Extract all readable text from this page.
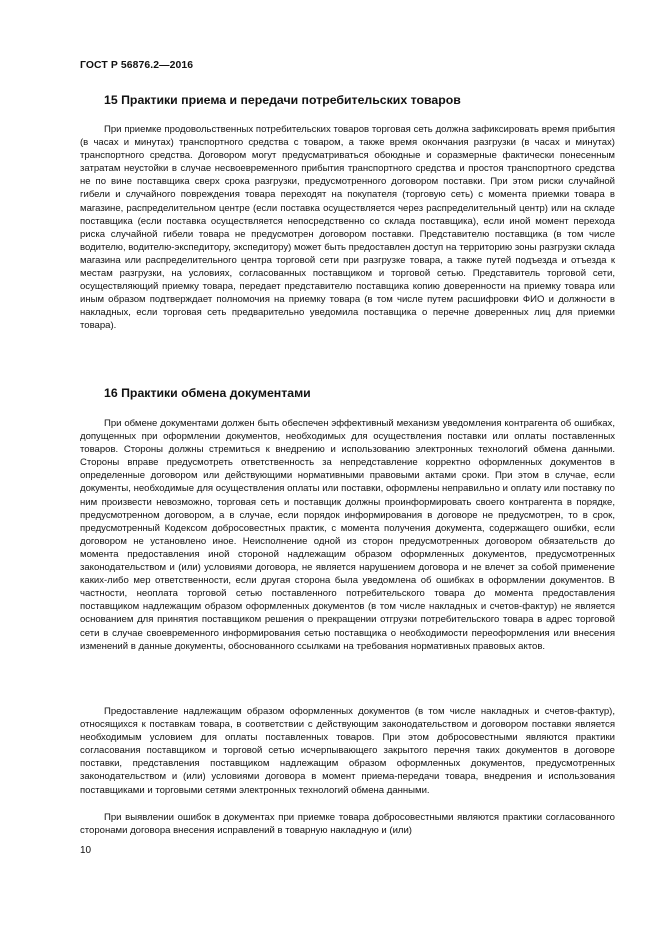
ГОСТ Р 56876.2—2016
15 Практики приема и передачи потребительских товаров

При приемке продовольственных потребительских товаров торговая сеть должна зафиксировать время прибытия (в часах и минутах) транспортного средства с товаром, а также время окончания разгрузки (в часах и минутах) транспортного средства. Договором могут предусматриваться обоюдные и соразмерные фактически понесенным затратам неустойки в случае несвоевременного прибытия транспортного средства и простоя транспортного средства не по вине поставщика сверх срока разгрузки, предусмотренного договором поставки. При этом риски случайной гибели и случайного повреждения товара переходят на покупателя (торговую сеть) с момента приемки товара в магазине, распределительном центре (если поставка осуществляется через распределительный центр) или на складе поставщика (если поставка осуществляется непосредственно со склада поставщика), если иной момент перехода риска случайной гибели товара не предусмотрен договором поставки. Представителю поставщика (в том числе водителю, водителю-экспедитору, экспедитору) может быть предоставлен доступ на территорию зоны разгрузки склада магазина или распределительного центра торговой сети при разгрузке товара, а также путей подъезда и отъезда к местам разгрузки, на условиях, согласованных поставщиком и торговой сетью. Представитель торговой сети, осуществляющий приемку товара, передает представителю поставщика копию доверенности на приемку товара или иным образом подтверждает полномочия на приемку товара (в том числе путем расшифровки ФИО и должности в накладных, если торговая сеть предварительно уведомила поставщика о перечне доверенных лиц для приемки товара).

16 Практики обмена документами

При обмене документами должен быть обеспечен эффективный механизм уведомления контрагента об ошибках, допущенных при оформлении документов, необходимых для осуществления поставки или оплаты поставленных товаров. Стороны должны стремиться к внедрению и использованию электронных технологий обмена данными. Стороны вправе предусмотреть ответственность за непредставление корректно оформленных документов в определенные договором или действующими нормативными правовыми актами сроки. При этом в случае, если документы, необходимые для осуществления оплаты или поставки, оформлены неправильно и оплату или поставку по ним произвести невозможно, торговая сеть и поставщик должны проинформировать своего контрагента в порядке, предусмотренном договором, а в случае, если порядок информирования в договоре не предусмотрен, то в срок, предусмотренный Кодексом добросовестных практик, с момента получения документа, содержащего ошибки, если договором не установлено иное. Неисполнение одной из сторон предусмотренных договором обязательств до момента предоставления иной стороной надлежащим образом оформленных документов, предусмотренных законодательством и (или) условиями договора, не является нарушением договора и не влечет за собой применение каких-либо мер ответственности, если другая сторона была уведомлена об ошибках в оформлении документов. В частности, неоплата торговой сетью поставленного потребительского товара до момента предоставления поставщиком надлежащим образом оформленных документов (в том числе накладных и счетов-фактур) не является основанием для принятия поставщиком решения о прекращении отгрузки потребительского товара в адрес торговой сети в случае своевременного информирования сетью поставщика о необходимости переоформления или внесения изменений в данные документы, обоснованного ссылками на требования нормативных правовых актов.

Предоставление надлежащим образом оформленных документов (в том числе накладных и счетов-фактур), относящихся к поставкам товара, в соответствии с действующим законодательством и договором поставки является необходимым условием для оплаты поставленных товаров. При этом добросовестными являются практики согласования поставщиком и торговой сетью исчерпывающего закрытого перечня таких документов в договоре поставки, представления поставщиком надлежащим образом оформленных документов, предусмотренных законодательством и (или) условиями договора в момент приема-передачи товара, внедрения и использования поставщиками и торговыми сетями электронных технологий обмена данными.

При выявлении ошибок в документах при приемке товара добросовестными являются практики согласованного сторонами договора внесения исправлений в товарную накладную и (или)

10
